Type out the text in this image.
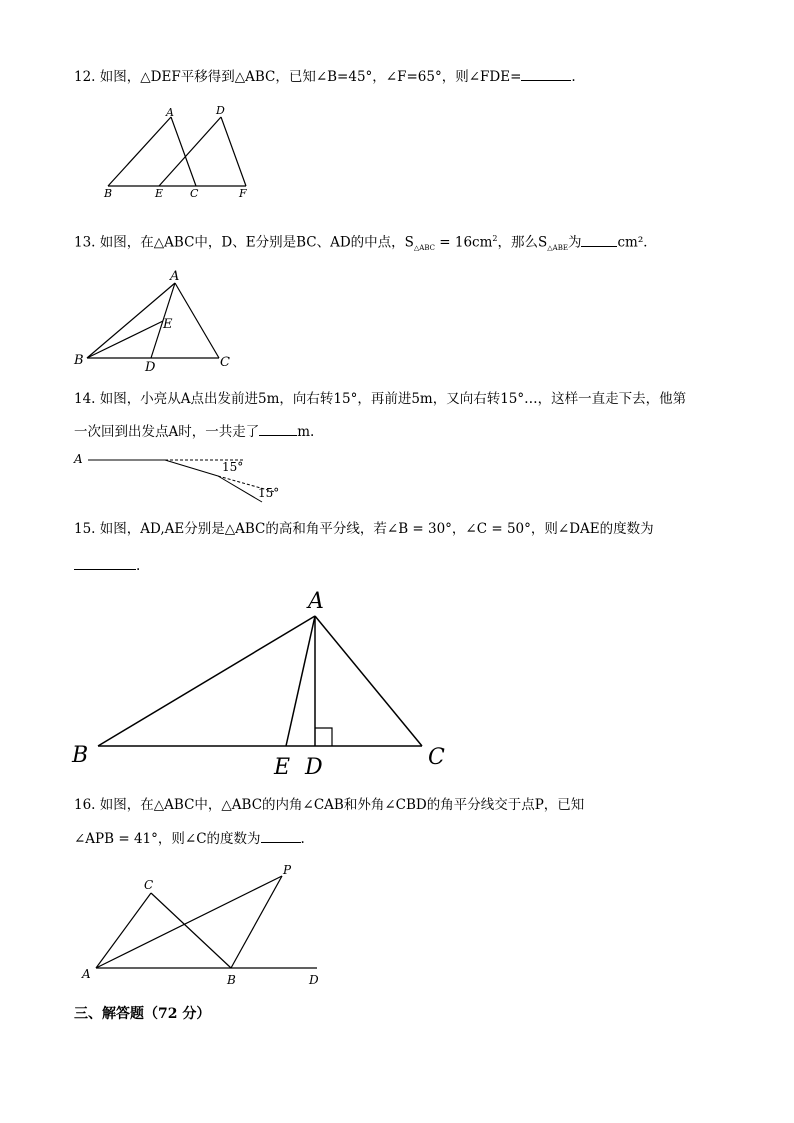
12. 如图，△DEF平移得到△ABC，已知∠B=45°，∠F=65°，则∠FDE=	.
A	D
B	E C	F
13. 如图，在△ABC中，D、E分别是BC、AD的中点，$S_{\triangle ABC} = 16cm^2$，那么$S_{\triangle ABE}$为	cm²．
A
E
B	D	C
14. 如图，小亮从A点出发前进5m，向右转15°，再前进5m，又向右转15°…，这样一直走下去，他第
一次回到出发点A时，一共走了	m.
A
15°
15°
15. 如图，AD,AE分别是△ABC的高和角平分线，若∠B = 30°，∠C = 50°，则∠DAE的度数为
.
A
B	E D	C
16. 如图，在△ABC中，△ABC的内角∠CAB和外角∠CBD的角平分线交于点P，已知
∠APB = 41°，则∠C的度数为	.
C
P
A	B	D
三、解答题（72 分）
